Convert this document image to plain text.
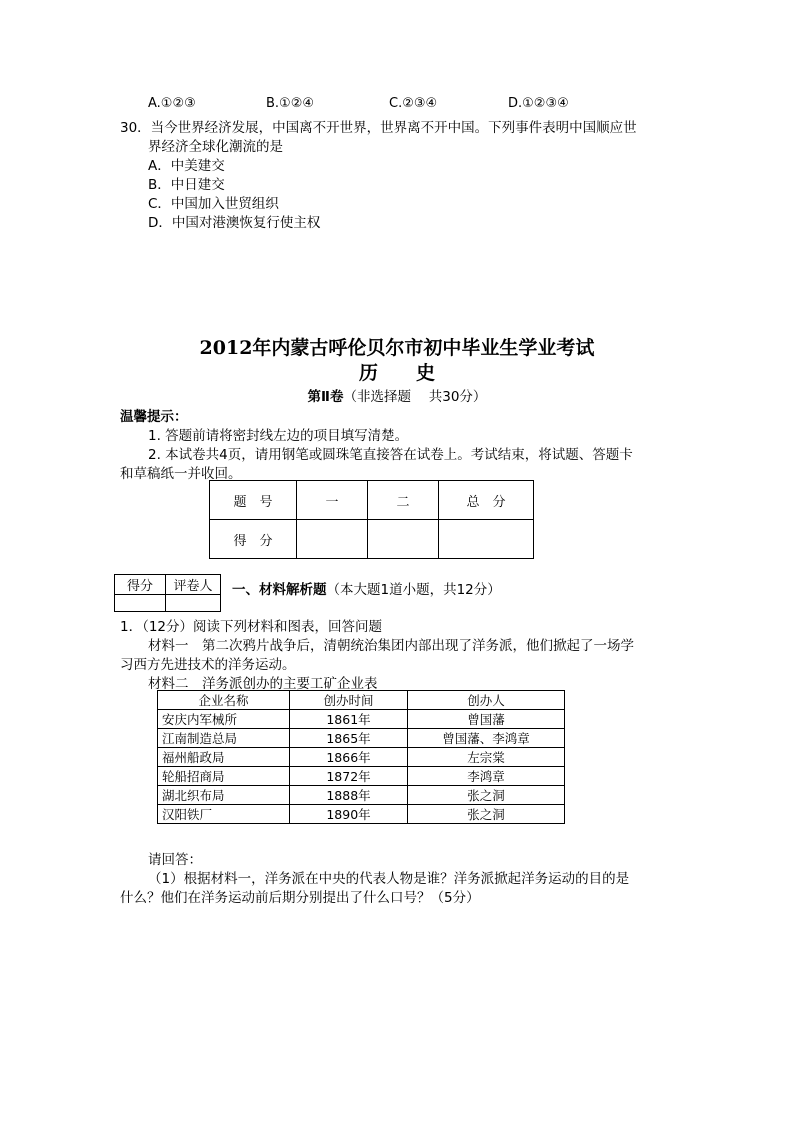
A.①②③	B.①②④	C.②③④	D.①②③④
30．当今世界经济发展，中国离不开世界，世界离不开中国。下列事件表明中国顺应世
界经济全球化潮流的是
A．中美建交
B．中日建交
C．中国加入世贸组织
D．中国对港澳恢复行使主权
2012年内蒙古呼伦贝尔市初中毕业生学业考试
历　　史
第Ⅱ卷（非选择题　 共30分）
温馨提示：
1. 答题前请将密封线左边的项目填写清楚。
2. 本试卷共4页，请用钢笔或圆珠笔直接答在试卷上。考试结束，将试题、答题卡
和草稿纸一并收回。
题　号	一	二	总　分
得　分			
得分	评卷人
	一、材料解析题（本大题1道小题，共12分）
1．（12分）阅读下列材料和图表，回答问题
材料一　第二次鸦片战争后，清朝统治集团内部出现了洋务派，他们掀起了一场学
习西方先进技术的洋务运动。
材料二　洋务派创办的主要工矿企业表
企业名称	创办时间	创办人
安庆内军械所	1861年	曾国藩
江南制造总局	1865年	曾国藩、李鸿章
福州船政局	1866年	左宗棠
轮船招商局	1872年	李鸿章
湖北织布局	1888年	张之洞
汉阳铁厂	1890年	张之洞
请回答：
（1）根据材料一，洋务派在中央的代表人物是谁？洋务派掀起洋务运动的目的是
什么？他们在洋务运动前后期分别提出了什么口号？（5分）
